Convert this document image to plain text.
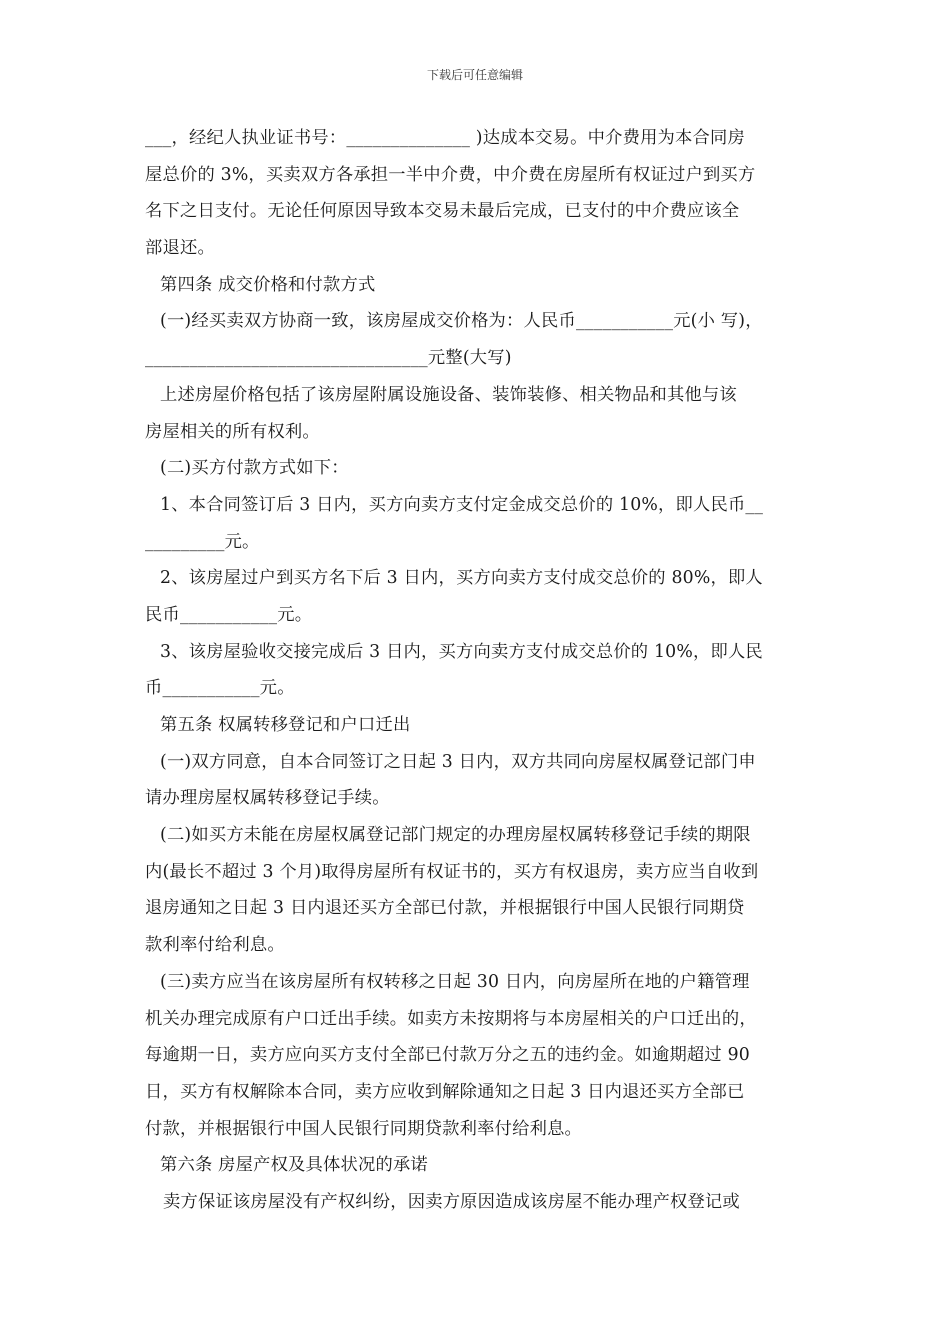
下载后可任意编辑
___，经纪人执业证书号：______________ )达成本交易。中介费用为本合同房
屋总价的 3%，买卖双方各承担一半中介费，中介费在房屋所有权证过户到买方
名下之日支付。无论任何原因导致本交易未最后完成，已支付的中介费应该全
部退还。
第四条 成交价格和付款方式
(一)经买卖双方协商一致，该房屋成交价格为：人民币___________元(小 写)，
________________________________元整(大写)
上述房屋价格包括了该房屋附属设施设备、装饰装修、相关物品和其他与该
房屋相关的所有权利。
(二)买方付款方式如下：
1、本合同签订后 3 日内，买方向卖方支付定金成交总价的 10%，即人民币__
_________元。
2、该房屋过户到买方名下后 3 日内，买方向卖方支付成交总价的 80%，即人
民币___________元。
3、该房屋验收交接完成后 3 日内，买方向卖方支付成交总价的 10%，即人民
币___________元。
第五条 权属转移登记和户口迁出
(一)双方同意，自本合同签订之日起 3 日内，双方共同向房屋权属登记部门申
请办理房屋权属转移登记手续。
(二)如买方未能在房屋权属登记部门规定的办理房屋权属转移登记手续的期限
内(最长不超过 3 个月)取得房屋所有权证书的，买方有权退房，卖方应当自收到
退房通知之日起 3 日内退还买方全部已付款，并根据银行中国人民银行同期贷
款利率付给利息。
(三)卖方应当在该房屋所有权转移之日起 30 日内，向房屋所在地的户籍管理
机关办理完成原有户口迁出手续。如卖方未按期将与本房屋相关的户口迁出的，
每逾期一日，卖方应向买方支付全部已付款万分之五的违约金。如逾期超过 90
日，买方有权解除本合同，卖方应收到解除通知之日起 3 日内退还买方全部已
付款，并根据银行中国人民银行同期贷款利率付给利息。
第六条 房屋产权及具体状况的承诺
卖方保证该房屋没有产权纠纷，因卖方原因造成该房屋不能办理产权登记或
